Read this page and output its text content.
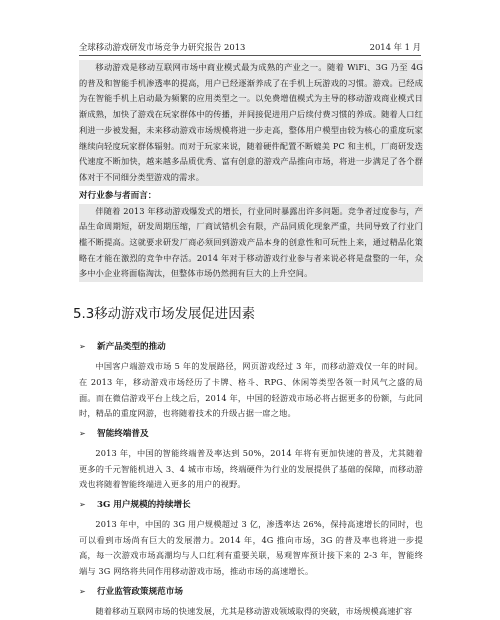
全球移动游戏研发市场竞争力研究报告 2013	2014 年 1 月

移动游戏是移动互联网市场中商业模式最为成熟的产业之一。随着 WiFi、3G 乃至 4G 的普及和智能手机渗透率的提高，用户已经逐渐养成了在手机上玩游戏的习惯。游戏。已经成为在智能手机上启动最为频繁的应用类型之一。以免费增值模式为主导的移动游戏商业模式日渐成熟，加快了游戏在玩家群体中的传播，并间接促进用户后续付费习惯的养成。随着人口红利进一步被发掘，未来移动游戏市场规模将进一步走高，整体用户模型由较为核心的重度玩家继续向轻度玩家群体辐射。而对于玩家来说，随着硬件配置不断媲美 PC 和主机，厂商研发迭代速度不断加快，越来越多品质优秀、富有创意的游戏产品推向市场，将进一步满足了各个群体对于不同细分类型游戏的需求。

对行业参与者而言：

伴随着 2013 年移动游戏爆发式的增长，行业同时暴露出许多问题。竞争者过度参与，产品生命周期短，研发周期压缩，厂商试错机会有限，产品同质化现象严重，共同导致了行业门槛不断提高。这就要求研发厂商必须回到游戏产品本身的创意性和可玩性上来，通过精品化策略在才能在激烈的竞争中存活。2014 年对于移动游戏行业参与者来说必将是盘整的一年，众多中小企业将面临淘汰，但整体市场仍然拥有巨大的上升空间。

5.3移动游戏市场发展促进因素
➢ 新产品类型的推动

中国客户端游戏市场 5 年的发展路径，网页游戏经过 3 年，而移动游戏仅一年的时间。在 2013 年，移动游戏市场经历了卡牌、格斗、RPG、休闲等类型各领一时风气之盛的局面。而在微信游戏平台上线之后，2014 年，中国的轻游戏市场必将占据更多的份额，与此同时，精品的重度网游，也将随着技术的升级占据一席之地。

➢ 智能终端普及

2013 年，中国的智能终端普及率达到 50%，2014 年将有更加快速的普及，尤其随着更多的千元智能机进入 3、4 城市市场，终端硬件为行业的发展提供了基础的保障，而移动游戏也将随着智能终端进入更多的用户的视野。

➢ 3G 用户规模的持续增长

2013 年中，中国的 3G 用户规模超过 3 亿，渗透率达 26%，保持高速增长的同时，也可以看到市场尚有巨大的发展潜力。2014 年，4G 推向市场，3G 的普及率也将进一步提高，每一次游戏市场高潮均与人口红利有重要关联，易观智库预计接下来的 2-3 年，智能终端与 3G 网络将共同作用移动游戏市场，推动市场的高速增长。

➢ 行业监管政策规范市场

随着移动互联网市场的快速发展，尤其是移动游戏领域取得的突破，市场规模高速扩容
